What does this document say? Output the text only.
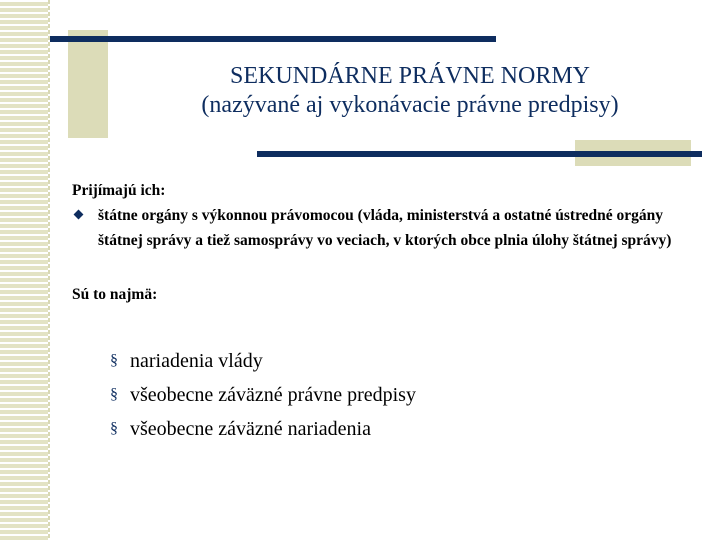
SEKUNDÁRNE PRÁVNE NORMY
(nazývané aj vykonávacie právne predpisy)

Prijímajú ich:

štátne orgány s výkonnou právomocou (vláda, ministerstvá a ostatné ústredné orgány štátnej správy a tiež samosprávy vo veciach, v ktorých obce plnia úlohy štátnej správy)

Sú to najmä:

§ nariadenia vlády
§ všeobecne záväzné právne predpisy
§ všeobecne záväzné nariadenia
